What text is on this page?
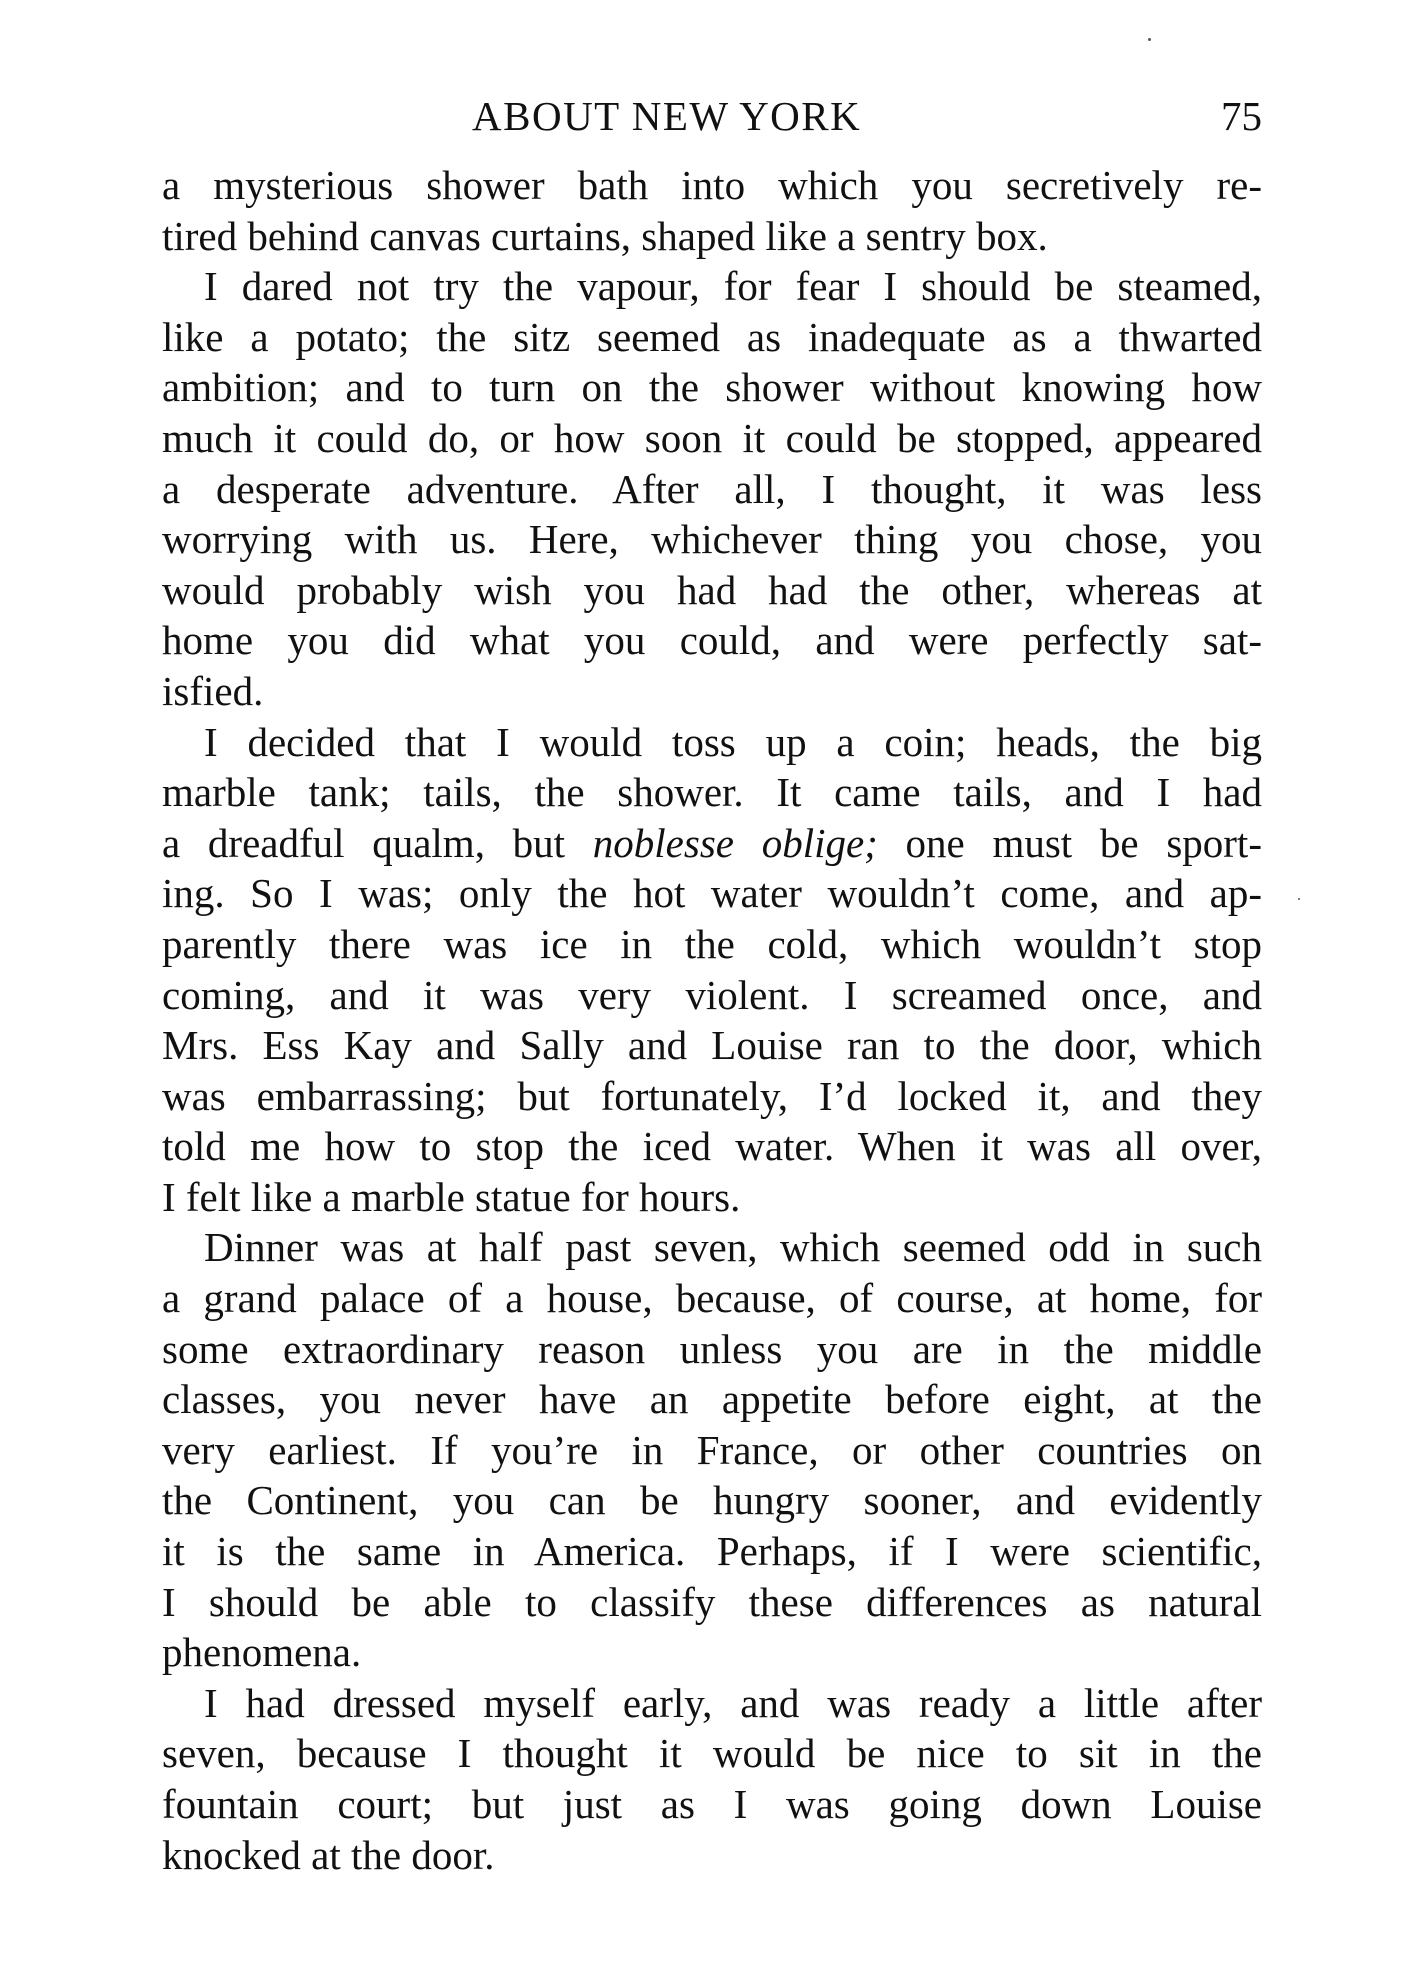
ABOUT NEW YORK	75
a mysterious shower bath into which you secretively re-
tired behind canvas curtains, shaped like a sentry box.
I dared not try the vapour, for fear I should be steamed,
like a potato; the sitz seemed as inadequate as a thwarted
ambition; and to turn on the shower without knowing how
much it could do, or how soon it could be stopped, appeared
a desperate adventure. After all, I thought, it was less
worrying with us. Here, whichever thing you chose, you
would probably wish you had had the other, whereas at
home you did what you could, and were perfectly sat-
isfied.
I decided that I would toss up a coin; heads, the big
marble tank; tails, the shower. It came tails, and I had
a dreadful qualm, but noblesse oblige; one must be sport-
ing. So I was; only the hot water wouldn’t come, and ap-
parently there was ice in the cold, which wouldn’t stop
coming, and it was very violent. I screamed once, and
Mrs. Ess Kay and Sally and Louise ran to the door, which
was embarrassing; but fortunately, I’d locked it, and they
told me how to stop the iced water. When it was all over,
I felt like a marble statue for hours.
Dinner was at half past seven, which seemed odd in such
a grand palace of a house, because, of course, at home, for
some extraordinary reason unless you are in the middle
classes, you never have an appetite before eight, at the
very earliest. If you’re in France, or other countries on
the Continent, you can be hungry sooner, and evidently
it is the same in America. Perhaps, if I were scientific,
I should be able to classify these differences as natural
phenomena.
I had dressed myself early, and was ready a little after
seven, because I thought it would be nice to sit in the
fountain court; but just as I was going down Louise
knocked at the door.
